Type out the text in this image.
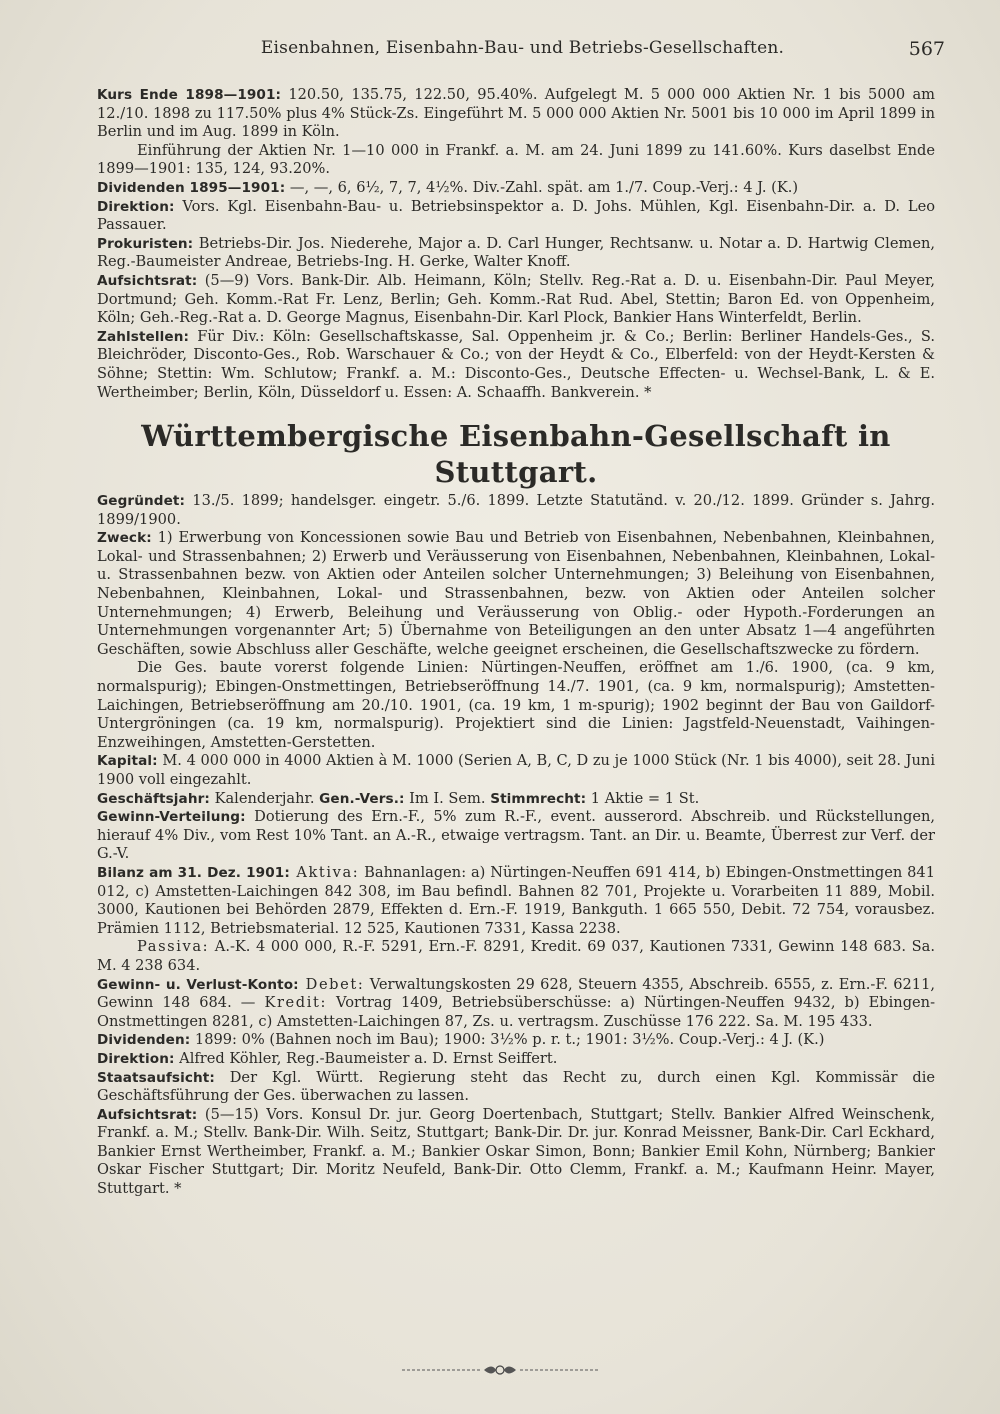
Eisenbahnen, Eisenbahn-Bau- und Betriebs-Gesellschaften.	567

Kurs Ende 1898—1901: 120.50, 135.75, 122.50, 95.40%. Aufgelegt M. 5 000 000 Aktien Nr. 1 bis 5000 am 12./10. 1898 zu 117.50% plus 4% Stück-Zs. Eingeführt M. 5 000 000 Aktien Nr. 5001 bis 10 000 im April 1899 in Berlin und im Aug. 1899 in Köln.

Einführung der Aktien Nr. 1—10 000 in Frankf. a. M. am 24. Juni 1899 zu 141.60%. Kurs daselbst Ende 1899—1901: 135, 124, 93.20%.

Dividenden 1895—1901: —, —, 6, 6½, 7, 7, 4½%. Div.-Zahl. spät. am 1./7. Coup.-Verj.: 4 J. (K.)

Direktion: Vors. Kgl. Eisenbahn-Bau- u. Betriebsinspektor a. D. Johs. Mühlen, Kgl. Eisenbahn-Dir. a. D. Leo Passauer.

Prokuristen: Betriebs-Dir. Jos. Niederehe, Major a. D. Carl Hunger, Rechtsanw. u. Notar a. D. Hartwig Clemen, Reg.-Baumeister Andreae, Betriebs-Ing. H. Gerke, Walter Knoff.

Aufsichtsrat: (5—9) Vors. Bank-Dir. Alb. Heimann, Köln; Stellv. Reg.-Rat a. D. u. Eisenbahn-Dir. Paul Meyer, Dortmund; Geh. Komm.-Rat Fr. Lenz, Berlin; Geh. Komm.-Rat Rud. Abel, Stettin; Baron Ed. von Oppenheim, Köln; Geh.-Reg.-Rat a. D. George Magnus, Eisenbahn-Dir. Karl Plock, Bankier Hans Winterfeldt, Berlin.

Zahlstellen: Für Div.: Köln: Gesellschaftskasse, Sal. Oppenheim jr. & Co.; Berlin: Berliner Handels-Ges., S. Bleichröder, Disconto-Ges., Rob. Warschauer & Co.; von der Heydt & Co., Elberfeld: von der Heydt-Kersten & Söhne; Stettin: Wm. Schlutow; Frankf. a. M.: Disconto-Ges., Deutsche Effecten- u. Wechsel-Bank, L. & E. Wertheimber; Berlin, Köln, Düsseldorf u. Essen: A. Schaaffh. Bankverein. *

Württembergische Eisenbahn-Gesellschaft in Stuttgart.

Gegründet: 13./5. 1899; handelsger. eingetr. 5./6. 1899. Letzte Statutänd. v. 20./12. 1899. Gründer s. Jahrg. 1899/1900.

Zweck: 1) Erwerbung von Koncessionen sowie Bau und Betrieb von Eisenbahnen, Nebenbahnen, Kleinbahnen, Lokal- und Strassenbahnen; 2) Erwerb und Veräusserung von Eisenbahnen, Nebenbahnen, Kleinbahnen, Lokal- u. Strassenbahnen bezw. von Aktien oder Anteilen solcher Unternehmungen; 3) Beleihung von Eisenbahnen, Nebenbahnen, Kleinbahnen, Lokal- und Strassenbahnen, bezw. von Aktien oder Anteilen solcher Unternehmungen; 4) Erwerb, Beleihung und Veräusserung von Oblig.- oder Hypoth.-Forderungen an Unternehmungen vorgenannter Art; 5) Übernahme von Beteiligungen an den unter Absatz 1—4 angeführten Geschäften, sowie Abschluss aller Geschäfte, welche geeignet erscheinen, die Gesellschaftszwecke zu fördern.

Die Ges. baute vorerst folgende Linien: Nürtingen-Neuffen, eröffnet am 1./6. 1900, (ca. 9 km, normalspurig); Ebingen-Onstmettingen, Betriebseröffnung 14./7. 1901, (ca. 9 km, normalspurig); Amstetten-Laichingen, Betriebseröffnung am 20./10. 1901, (ca. 19 km, 1 m-spurig); 1902 beginnt der Bau von Gaildorf-Untergröningen (ca. 19 km, normalspurig). Projektiert sind die Linien: Jagstfeld-Neuenstadt, Vaihingen-Enzweihingen, Amstetten-Gerstetten.

Kapital: M. 4 000 000 in 4000 Aktien à M. 1000 (Serien A, B, C, D zu je 1000 Stück (Nr. 1 bis 4000), seit 28. Juni 1900 voll eingezahlt.

Geschäftsjahr: Kalenderjahr. Gen.-Vers.: Im I. Sem. Stimmrecht: 1 Aktie = 1 St.

Gewinn-Verteilung: Dotierung des Ern.-F., 5% zum R.-F., event. ausserord. Abschreib. und Rückstellungen, hierauf 4% Div., vom Rest 10% Tant. an A.-R., etwaige vertragsm. Tant. an Dir. u. Beamte, Überrest zur Verf. der G.-V.

Bilanz am 31. Dez. 1901: Aktiva: Bahnanlagen: a) Nürtingen-Neuffen 691 414, b) Ebingen-Onstmettingen 841 012, c) Amstetten-Laichingen 842 308, im Bau befindl. Bahnen 82 701, Projekte u. Vorarbeiten 11 889, Mobil. 3000, Kautionen bei Behörden 2879, Effekten d. Ern.-F. 1919, Bankguth. 1 665 550, Debit. 72 754, vorausbez. Prämien 1112, Betriebsmaterial. 12 525, Kautionen 7331, Kassa 2238.

Passiva: A.-K. 4 000 000, R.-F. 5291, Ern.-F. 8291, Kredit. 69 037, Kautionen 7331, Gewinn 148 683. Sa. M. 4 238 634.

Gewinn- u. Verlust-Konto: Debet: Verwaltungskosten 29 628, Steuern 4355, Abschreib. 6555, z. Ern.-F. 6211, Gewinn 148 684. — Kredit: Vortrag 1409, Betriebsüberschüsse: a) Nürtingen-Neuffen 9432, b) Ebingen-Onstmettingen 8281, c) Amstetten-Laichingen 87, Zs. u. vertragsm. Zuschüsse 176 222. Sa. M. 195 433.

Dividenden: 1899: 0% (Bahnen noch im Bau); 1900: 3½% p. r. t.; 1901: 3½%. Coup.-Verj.: 4 J. (K.)

Direktion: Alfred Köhler, Reg.-Baumeister a. D. Ernst Seiffert.

Staatsaufsicht: Der Kgl. Württ. Regierung steht das Recht zu, durch einen Kgl. Kommissär die Geschäftsführung der Ges. überwachen zu lassen.

Aufsichtsrat: (5—15) Vors. Konsul Dr. jur. Georg Doertenbach, Stuttgart; Stellv. Bankier Alfred Weinschenk, Frankf. a. M.; Stellv. Bank-Dir. Wilh. Seitz, Stuttgart; Bank-Dir. Dr. jur. Konrad Meissner, Bank-Dir. Carl Eckhard, Bankier Ernst Wertheimber, Frankf. a. M.; Bankier Oskar Simon, Bonn; Bankier Emil Kohn, Nürnberg; Bankier Oskar Fischer Stuttgart; Dir. Moritz Neufeld, Bank-Dir. Otto Clemm, Frankf. a. M.; Kaufmann Heinr. Mayer, Stuttgart. *
